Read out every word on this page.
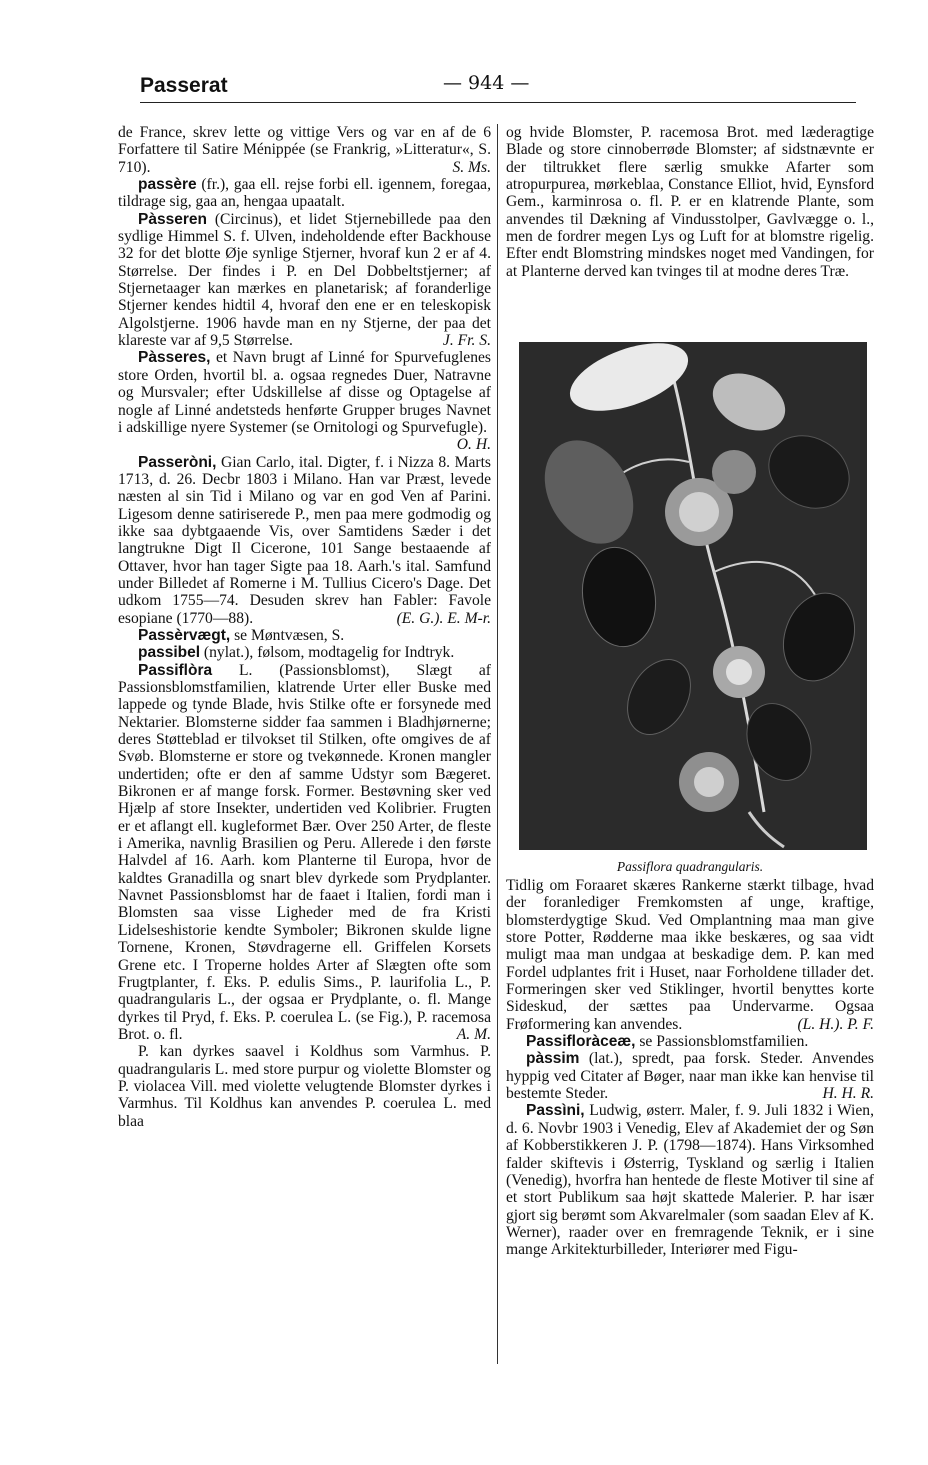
Passerat	— 944 —

de France, skrev lette og vittige Vers og var en af de 6 Forfattere til Satire Ménippée (se Frankrig, »Litteratur«, S. 710).	S. Ms.

passère (fr.), gaa ell. rejse forbi ell. igennem, foregaa, tildrage sig, gaa an, hengaa upaatalt.

Pàsseren (Circinus), et lidet Stjernebillede paa den sydlige Himmel S. f. Ulven, indeholdende efter Backhouse 32 for det blotte Øje synlige Stjerner, hvoraf kun 2 er af 4. Størrelse. Der findes i P. en Del Dobbeltstjerner; af Stjernetaager kan mærkes en planetarisk; af foranderlige Stjerner kendes hidtil 4, hvoraf den ene er en teleskopisk Algolstjerne. 1906 havde man en ny Stjerne, der paa det klareste var af 9,5 Størrelse.	J. Fr. S.

Pàsseres, et Navn brugt af Linné for Spurvefuglenes store Orden, hvortil bl. a. ogsaa regnedes Duer, Natravne og Mursvaler; efter Udskillelse af disse og Optagelse af nogle af Linné andetsteds henførte Grupper bruges Navnet i adskillige nyere Systemer (se Ornitologi og Spurvefugle).
O. H.

Passeròni, Gian Carlo, ital. Digter, f. i Nizza 8. Marts 1713, d. 26. Decbr 1803 i Milano. Han var Præst, levede næsten al sin Tid i Milano og var en god Ven af Parini. Ligesom denne satiriserede P., men paa mere godmodig og ikke saa dybtgaaende Vis, over Samtidens Sæder i det langtrukne Digt Il Cicerone, 101 Sange bestaaende af Ottaver, hvor han tager Sigte paa 18. Aarh.'s ital. Samfund under Billedet af Romerne i M. Tullius Cicero's Dage. Det udkom 1755—74. Desuden skrev han Fabler: Favole esopiane (1770—88).	(E. G.). E. M-r.

Passèrvægt, se Møntvæsen, S.

passibel (nylat.), følsom, modtagelig for Indtryk.

Passiflòra L. (Passionsblomst), Slægt af Passionsblomstfamilien, klatrende Urter eller Buske med lappede og tynde Blade, hvis Stilke ofte er forsynede med Nektarier. Blomsterne sidder faa sammen i Bladhjørnerne; deres Støtteblad er tilvokset til Stilken, ofte omgives de af Svøb. Blomsterne er store og tvekønnede. Kronen mangler undertiden; ofte er den af samme Udstyr som Bægeret. Bikronen er af mange forsk. Former. Bestøvning sker ved Hjælp af store Insekter, undertiden ved Kolibrier. Frugten er et aflangt ell. kugleformet Bær. Over 250 Arter, de fleste i Amerika, navnlig Brasilien og Peru. Allerede i den første Halvdel af 16. Aarh. kom Planterne til Europa, hvor de kaldtes Granadilla og snart blev dyrkede som Prydplanter. Navnet Passionsblomst har de faaet i Italien, fordi man i Blomsten saa visse Ligheder med de fra Kristi Lidelseshistorie kendte Symboler; Bikronen skulde ligne Tornene, Kronen, Støvdragerne ell. Griffelen Korsets Grene etc. I Troperne holdes Arter af Slægten ofte som Frugtplanter, f. Eks. P. edulis Sims., P. laurifolia L., P. quadrangularis L., der ogsaa er Prydplante, o. fl. Mange dyrkes til Pryd, f. Eks. P. coerulea L. (se Fig.), P. racemosa Brot. o. fl.	A. M.

P. kan dyrkes saavel i Koldhus som Varmhus. P. quadrangularis L. med store purpur og violette Blomster og P. violacea Vill. med violette velugtende Blomster dyrkes i Varmhus. Til Koldhus kan anvendes P. coerulea L. med blaa

og hvide Blomster, P. racemosa Brot. med læderagtige Blade og store cinnoberrøde Blomster; af sidstnævnte er der tiltrukket flere særlig smukke Afarter som atropurpurea, mørkeblaa, Constance Elliot, hvid, Eynsford Gem., karminrosa o. fl. P. er en klatrende Plante, som anvendes til Dækning af Vindusstolper, Gavlvægge o. l., men de fordrer megen Lys og Luft for at blomstre rigelig. Efter endt Blomstring mindskes noget med Vandingen, for at Planterne derved kan tvinges til at modne deres Træ.

Passiflora quadrangularis.

Tidlig om Foraaret skæres Rankerne stærkt tilbage, hvad der foranlediger Fremkomsten af unge, kraftige, blomsterdygtige Skud. Ved Omplantning maa man give store Potter, Rødderne maa ikke beskæres, og saa vidt muligt maa man undgaa at beskadige dem. P. kan med Fordel udplantes frit i Huset, naar Forholdene tillader det. Formeringen sker ved Stiklinger, hvortil benyttes korte Sideskud, der sættes paa Undervarme. Ogsaa Frøformering kan anvendes.	(L. H.). P. F.

Passifloràceæ, se Passionsblomstfamilien.

pàssim (lat.), spredt, paa forsk. Steder. Anvendes hyppig ved Citater af Bøger, naar man ikke kan henvise til bestemte Steder.	H. H. R.

Passìni, Ludwig, østerr. Maler, f. 9. Juli 1832 i Wien, d. 6. Novbr 1903 i Venedig, Elev af Akademiet der og Søn af Kobberstikkeren J. P. (1798—1874). Hans Virksomhed falder skiftevis i Østerrig, Tyskland og særlig i Italien (Venedig), hvorfra han hentede de fleste Motiver til sine af et stort Publikum saa højt skattede Malerier. P. har især gjort sig berømt som Akvarelmaler (som saadan Elev af K. Werner), raader over en fremragende Teknik, er i sine mange Arkitekturbilleder, Interiører med Figu-
